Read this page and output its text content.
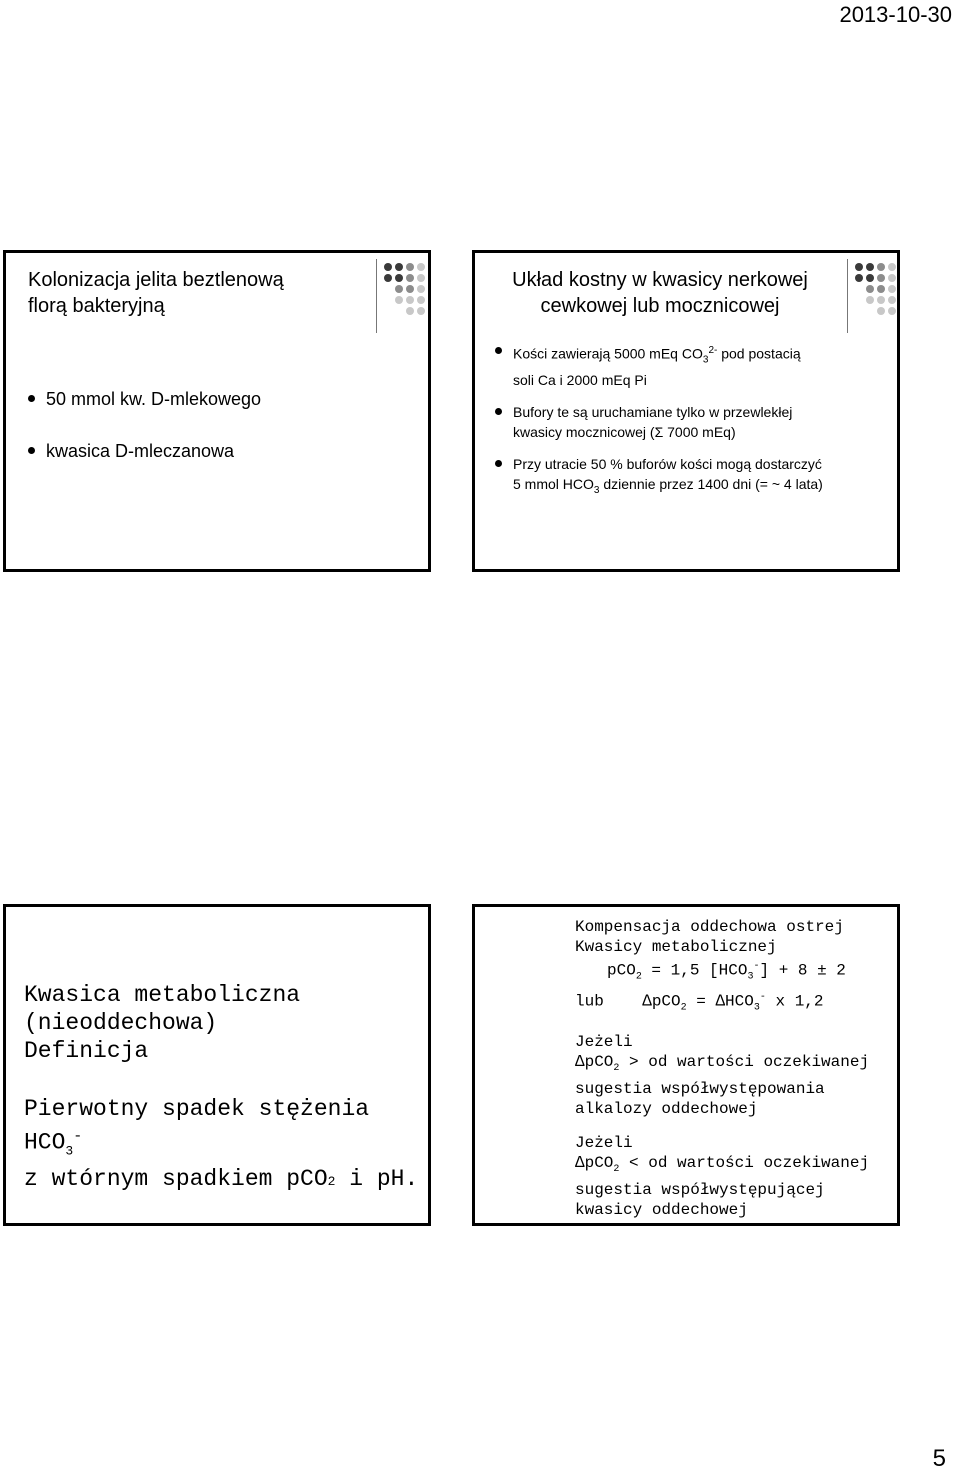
2013-10-30
Kolonizacja jelita beztlenową
florą bakteryjną
50 mmol kw. D-mlekowego
kwasica D-mleczanowa
Układ kostny w kwasicy nerkowej
cewkowej lub mocznicowej
Kości zawierają 5000 mEq $CO_3^{2-}$ pod postacią
soli Ca i 2000 mEq Pi
Bufory te są uruchamiane tylko w przewlekłej
kwasicy mocznicowej (Σ 7000 mEq)
Przy utracie 50 % buforów kości mogą dostarczyć
5 mmol $HCO_3$ dziennie przez 1400 dni (= ~ 4 lata)
Kwasica metaboliczna
(nieoddechowa)
Definicja
Pierwotny spadek stężenia $HCO_3^-$
z wtórnym spadkiem pCO2 i pH.
Kompensacja oddechowa ostrej
Kwasicy metabolicznej
pCO$_2$ = 1,5 $[HCO_3^-] + 8 \pm 2$
lub $\Delta pCO_2 = \Delta HCO_3^-$ x 1,2
Jeżeli
∆pCO$_2$ > od wartości oczekiwanej
sugestia współwystępowania
alkalozy oddechowej
Jeżeli
∆pCO$_2$ < od wartości oczekiwanej
sugestia współwystępującej
kwasicy oddechowej
5
